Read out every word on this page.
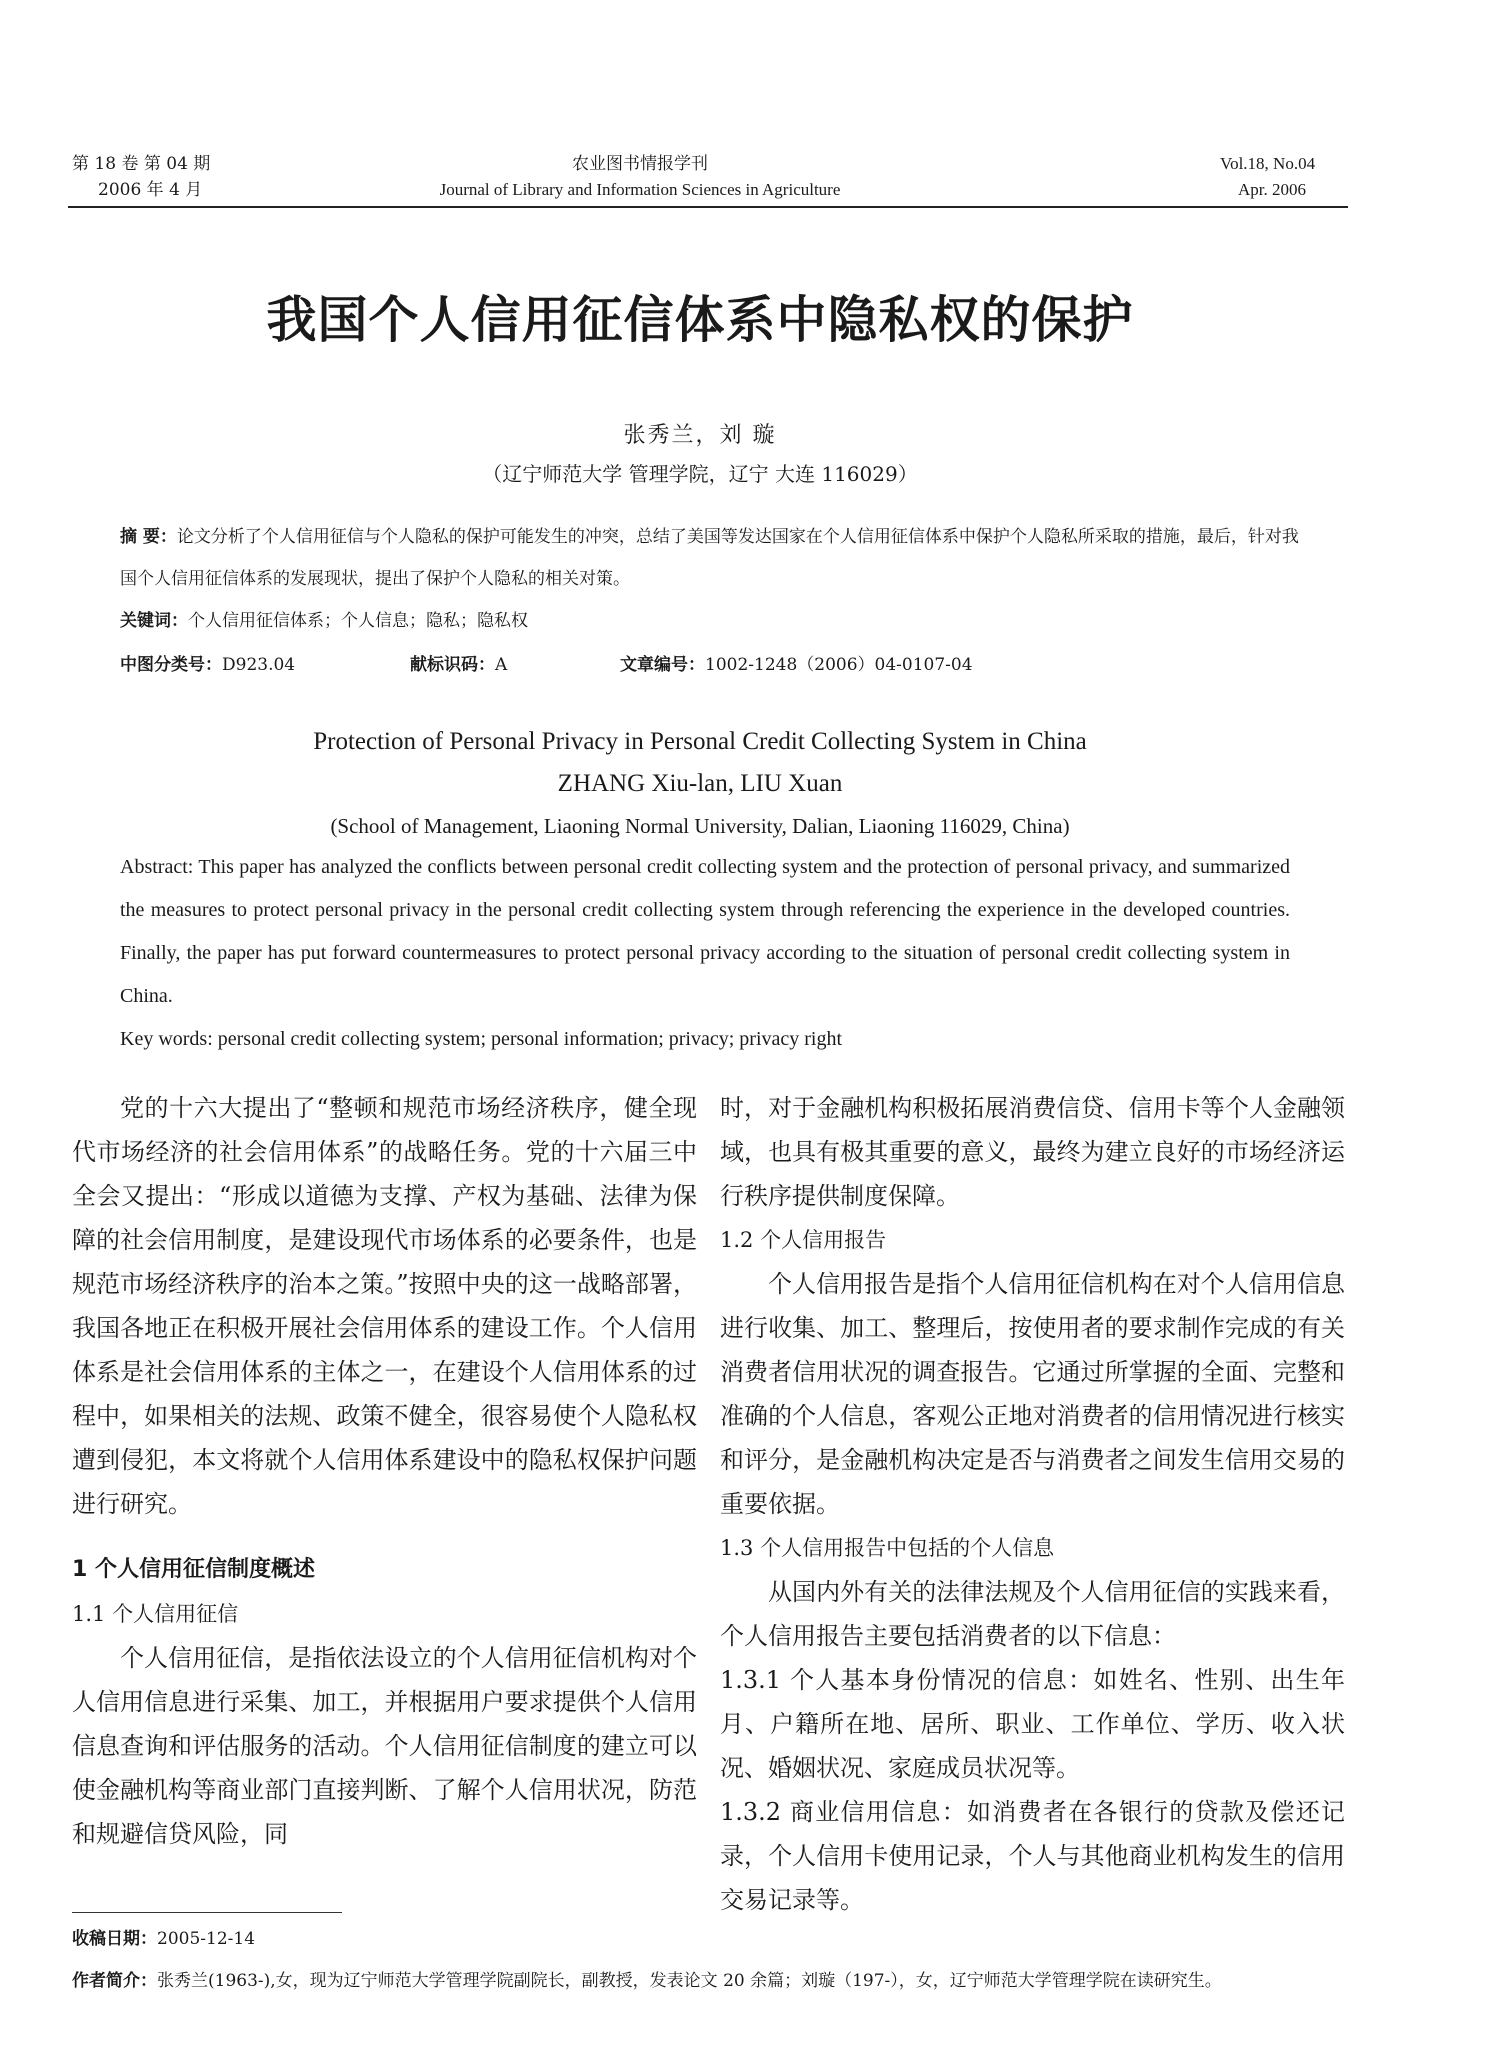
第 18 卷 第 04 期
2006 年 4 月
农业图书情报学刊
Journal of Library and Information Sciences in Agriculture
Vol.18, No.04
Apr. 2006
我国个人信用征信体系中隐私权的保护
张秀兰，刘 璇
（辽宁师范大学 管理学院，辽宁 大连 116029）
摘 要：论文分析了个人信用征信与个人隐私的保护可能发生的冲突，总结了美国等发达国家在个人信用征信体系中保护个人隐私所采取的措施，最后，针对我国个人信用征信体系的发展现状，提出了保护个人隐私的相关对策。
关键词：个人信用征信体系；个人信息；隐私；隐私权
中图分类号：D923.04	献标识码：A	文章编号：1002-1248（2006）04-0107-04
Protection of Personal Privacy in Personal Credit Collecting System in China
ZHANG Xiu-lan, LIU Xuan
(School of Management, Liaoning Normal University, Dalian, Liaoning 116029, China)
Abstract: This paper has analyzed the conflicts between personal credit collecting system and the protection of personal privacy, and summarized the measures to protect personal privacy in the personal credit collecting system through referencing the experience in the developed countries. Finally, the paper has put forward countermeasures to protect personal privacy according to the situation of personal credit collecting system in China.
Key words: personal credit collecting system; personal information; privacy; privacy right

党的十六大提出了“整顿和规范市场经济秩序，健全现代市场经济的社会信用体系”的战略任务。党的十六届三中全会又提出：“形成以道德为支撑、产权为基础、法律为保障的社会信用制度，是建设现代市场体系的必要条件，也是规范市场经济秩序的治本之策。”按照中央的这一战略部署，我国各地正在积极开展社会信用体系的建设工作。个人信用体系是社会信用体系的主体之一，在建设个人信用体系的过程中，如果相关的法规、政策不健全，很容易使个人隐私权遭到侵犯，本文将就个人信用体系建设中的隐私权保护问题进行研究。

1 个人信用征信制度概述

1.1 个人信用征信

个人信用征信，是指依法设立的个人信用征信机构对个人信用信息进行采集、加工，并根据用户要求提供个人信用信息查询和评估服务的活动。个人信用征信制度的建立可以使金融机构等商业部门直接判断、了解个人信用状况，防范和规避信贷风险，同

时，对于金融机构积极拓展消费信贷、信用卡等个人金融领域，也具有极其重要的意义，最终为建立良好的市场经济运行秩序提供制度保障。

1.2 个人信用报告

个人信用报告是指个人信用征信机构在对个人信用信息进行收集、加工、整理后，按使用者的要求制作完成的有关消费者信用状况的调查报告。它通过所掌握的全面、完整和准确的个人信息，客观公正地对消费者的信用情况进行核实和评分，是金融机构决定是否与消费者之间发生信用交易的重要依据。

1.3 个人信用报告中包括的个人信息

从国内外有关的法律法规及个人信用征信的实践来看，个人信用报告主要包括消费者的以下信息：

1.3.1 个人基本身份情况的信息：如姓名、性别、出生年月、户籍所在地、居所、职业、工作单位、学历、收入状况、婚姻状况、家庭成员状况等。

1.3.2 商业信用信息：如消费者在各银行的贷款及偿还记录，个人信用卡使用记录，个人与其他商业机构发生的信用交易记录等。

收稿日期：2005-12-14
作者简介：张秀兰(1963-),女，现为辽宁师范大学管理学院副院长，副教授，发表论文 20 余篇；刘璇（197-），女，辽宁师范大学管理学院在读研究生。
